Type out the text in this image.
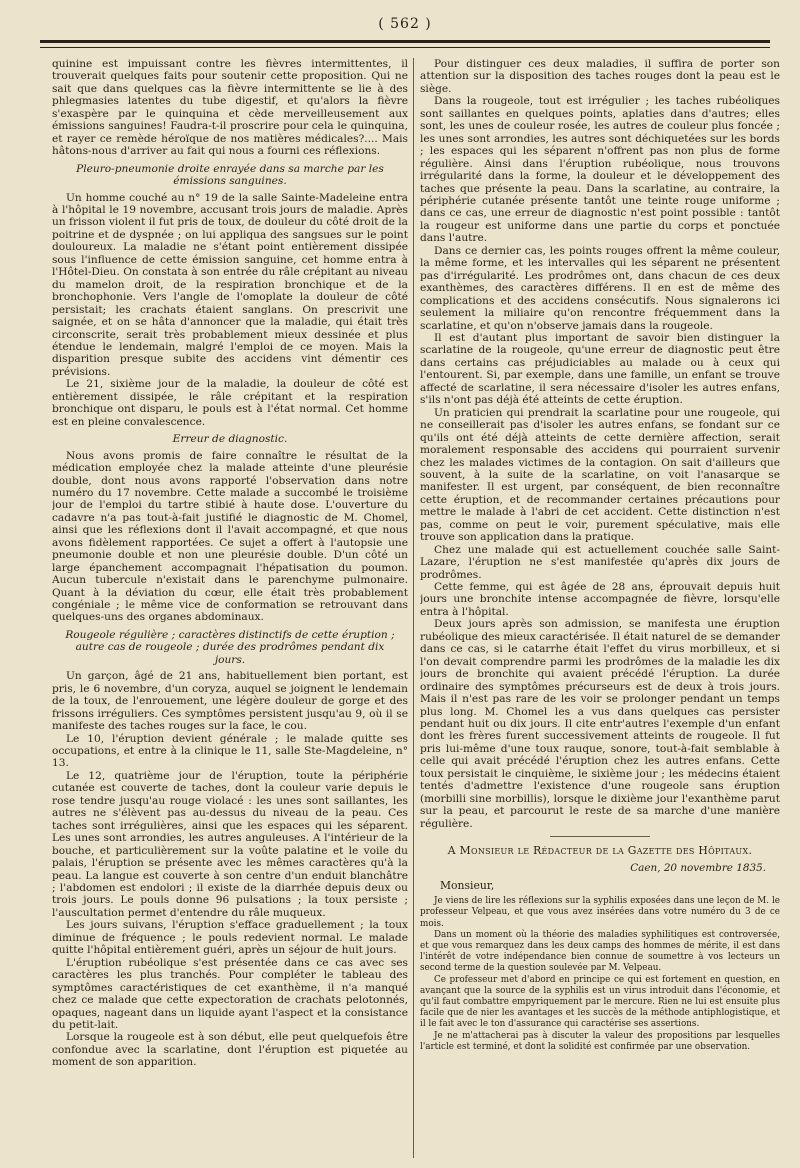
( 562 )

quinine est impuissant contre les fièvres intermittentes, il trouverait quelques faits pour soutenir cette proposition. Qui ne sait que dans quelques cas la fièvre intermittente se lie à des phlegmasies latentes du tube digestif, et qu'alors la fièvre s'exaspère par le quinquina et cède merveilleusement aux émissions sanguines! Faudra-t-il proscrire pour cela le quinquina, et rayer ce remède héroïque de nos matières médicales?.... Mais hâtons-nous d'arriver au fait qui nous a fourni ces réflexions.

Pleuro-pneumonie droite enrayée dans sa marche par les émissions sanguines.

Un homme couché au n° 19 de la salle Sainte-Madeleine entra à l'hôpital le 19 novembre, accusant trois jours de maladie. Après un frisson violent il fut pris de toux, de douleur du côté droit de la poitrine et de dyspnée ; on lui appliqua des sangsues sur le point douloureux. La maladie ne s'étant point entièrement dissipée sous l'influence de cette émission sanguine, cet homme entra à l'Hôtel-Dieu. On constata à son entrée du râle crépitant au niveau du mamelon droit, de la respiration bronchique et de la bronchophonie. Vers l'angle de l'omoplate la douleur de côté persistait; les crachats étaient sanglans. On prescrivit une saignée, et on se hâta d'annoncer que la maladie, qui était très circonscrite, serait très probablement mieux dessinée et plus étendue le lendemain, malgré l'emploi de ce moyen. Mais la disparition presque subite des accidens vint démentir ces prévisions.

Le 21, sixième jour de la maladie, la douleur de côté est entièrement dissipée, le râle crépitant et la respiration bronchique ont disparu, le pouls est à l'état normal. Cet homme est en pleine convalescence.

Erreur de diagnostic.

Nous avons promis de faire connaître le résultat de la médication employée chez la malade atteinte d'une pleurésie double, dont nous avons rapporté l'observation dans notre numéro du 17 novembre. Cette malade a succombé le troisième jour de l'emploi du tartre stibié à haute dose. L'ouverture du cadavre n'a pas tout-à-fait justifié le diagnostic de M. Chomel, ainsi que les réflexions dont il l'avait accompagné, et que nous avons fidèlement rapportées. Ce sujet a offert à l'autopsie une pneumonie double et non une pleurésie double. D'un côté un large épanchement accompagnait l'hépatisation du poumon. Aucun tubercule n'existait dans le parenchyme pulmonaire. Quant à la déviation du cœur, elle était très probablement congéniale ; le même vice de conformation se retrouvant dans quelques-uns des organes abdominaux.

Rougeole régulière ; caractères distinctifs de cette éruption ; autre cas de rougeole ; durée des prodrômes pendant dix jours.

Un garçon, âgé de 21 ans, habituellement bien portant, est pris, le 6 novembre, d'un coryza, auquel se joignent le lendemain de la toux, de l'enrouement, une légère douleur de gorge et des frissons irréguliers. Ces symptômes persistent jusqu'au 9, où il se manifeste des taches rouges sur la face, le cou.

Le 10, l'éruption devient générale ; le malade quitte ses occupations, et entre à la clinique le 11, salle Ste-Magdeleine, n° 13.

Le 12, quatrième jour de l'éruption, toute la périphérie cutanée est couverte de taches, dont la couleur varie depuis le rose tendre jusqu'au rouge violacé : les unes sont saillantes, les autres ne s'élèvent pas au-dessus du niveau de la peau. Ces taches sont irrégulières, ainsi que les espaces qui les séparent. Les unes sont arrondies, les autres anguleuses. A l'intérieur de la bouche, et particulièrement sur la voûte palatine et le voile du palais, l'éruption se présente avec les mêmes caractères qu'à la peau. La langue est couverte à son centre d'un enduit blanchâtre ; l'abdomen est endolori ; il existe de la diarrhée depuis deux ou trois jours. Le pouls donne 96 pulsations ; la toux persiste ; l'auscultation permet d'entendre du râle muqueux.

Les jours suivans, l'éruption s'efface graduellement ; la toux diminue de fréquence ; le pouls redevient normal. Le malade quitte l'hôpital entièrement guéri, après un séjour de huit jours.

L'éruption rubéolique s'est présentée dans ce cas avec ses caractères les plus tranchés. Pour compléter le tableau des symptômes caractéristiques de cet exanthème, il n'a manqué chez ce malade que cette expectoration de crachats pelotonnés, opaques, nageant dans un liquide ayant l'aspect et la consistance du petit-lait.

Lorsque la rougeole est à son début, elle peut quelquefois être confondue avec la scarlatine, dont l'éruption est piquetée au moment de son apparition.

Pour distinguer ces deux maladies, il suffira de porter son attention sur la disposition des taches rouges dont la peau est le siège.

Dans la rougeole, tout est irrégulier ; les taches rubéoliques sont saillantes en quelques points, aplaties dans d'autres; elles sont, les unes de couleur rosée, les autres de couleur plus foncée ; les unes sont arrondies, les autres sont déchiquetées sur les bords ; les espaces qui les séparent n'offrent pas non plus de forme régulière. Ainsi dans l'éruption rubéolique, nous trouvons irrégularité dans la forme, la douleur et le développement des taches que présente la peau. Dans la scarlatine, au contraire, la périphérie cutanée présente tantôt une teinte rouge uniforme ; dans ce cas, une erreur de diagnostic n'est point possible : tantôt la rougeur est uniforme dans une partie du corps et ponctuée dans l'autre.

Dans ce dernier cas, les points rouges offrent la même couleur, la même forme, et les intervalles qui les séparent ne présentent pas d'irrégularité. Les prodrômes ont, dans chacun de ces deux exanthèmes, des caractères différens. Il en est de même des complications et des accidens consécutifs. Nous signalerons ici seulement la miliaire qu'on rencontre fréquemment dans la scarlatine, et qu'on n'observe jamais dans la rougeole.

Il est d'autant plus important de savoir bien distinguer la scarlatine de la rougeole, qu'une erreur de diagnostic peut être dans certains cas préjudiciables au malade ou à ceux qui l'entourent. Si, par exemple, dans une famille, un enfant se trouve affecté de scarlatine, il sera nécessaire d'isoler les autres enfans, s'ils n'ont pas déjà été atteints de cette éruption.

Un praticien qui prendrait la scarlatine pour une rougeole, qui ne conseillerait pas d'isoler les autres enfans, se fondant sur ce qu'ils ont été déjà atteints de cette dernière affection, serait moralement responsable des accidens qui pourraient survenir chez les malades victimes de la contagion. On sait d'ailleurs que souvent, à la suite de la scarlatine, on voit l'anasarque se manifester. Il est urgent, par conséquent, de bien reconnaître cette éruption, et de recommander certaines précautions pour mettre le malade à l'abri de cet accident. Cette distinction n'est pas, comme on peut le voir, purement spéculative, mais elle trouve son application dans la pratique.

Chez une malade qui est actuellement couchée salle Saint-Lazare, l'éruption ne s'est manifestée qu'après dix jours de prodrômes.

Cette femme, qui est âgée de 28 ans, éprouvait depuis huit jours une bronchite intense accompagnée de fièvre, lorsqu'elle entra à l'hôpital.

Deux jours après son admission, se manifesta une éruption rubéolique des mieux caractérisée. Il était naturel de se demander dans ce cas, si le catarrhe était l'effet du virus morbilleux, et si l'on devait comprendre parmi les prodrômes de la maladie les dix jours de bronchite qui avaient précédé l'éruption. La durée ordinaire des symptômes précurseurs est de deux à trois jours. Mais il n'est pas rare de les voir se prolonger pendant un temps plus long. M. Chomel les a vus dans quelques cas persister pendant huit ou dix jours. Il cite entr'autres l'exemple d'un enfant dont les frères furent successivement atteints de rougeole. Il fut pris lui-même d'une toux rauque, sonore, tout-à-fait semblable à celle qui avait précédé l'éruption chez les autres enfans. Cette toux persistait le cinquième, le sixième jour ; les médecins étaient tentés d'admettre l'existence d'une rougeole sans éruption (morbilli sine morbillis), lorsque le dixième jour l'exanthème parut sur la peau, et parcourut le reste de sa marche d'une manière régulière.

A Monsieur le Rédacteur de la Gazette des Hôpitaux.
Caen, 20 novembre 1835.
Monsieur,

Je viens de lire les réflexions sur la syphilis exposées dans une leçon de M. le professeur Velpeau, et que vous avez insérées dans votre numéro du 3 de ce mois.

Dans un moment où la théorie des maladies syphilitiques est controversée, et que vous remarquez dans les deux camps des hommes de mérite, il est dans l'intérêt de votre indépendance bien connue de soumettre à vos lecteurs un second terme de la question soulevée par M. Velpeau.

Ce professeur met d'abord en principe ce qui est fortement en question, en avançant que la source de la syphilis est un virus introduit dans l'économie, et qu'il faut combattre empyriquement par le mercure. Rien ne lui est ensuite plus facile que de nier les avantages et les succès de la méthode antiphlogistique, et il le fait avec le ton d'assurance qui caractérise ses assertions.

Je ne m'attacherai pas à discuter la valeur des propositions par lesquelles l'article est terminé, et dont la solidité est confirmée par une observation.
